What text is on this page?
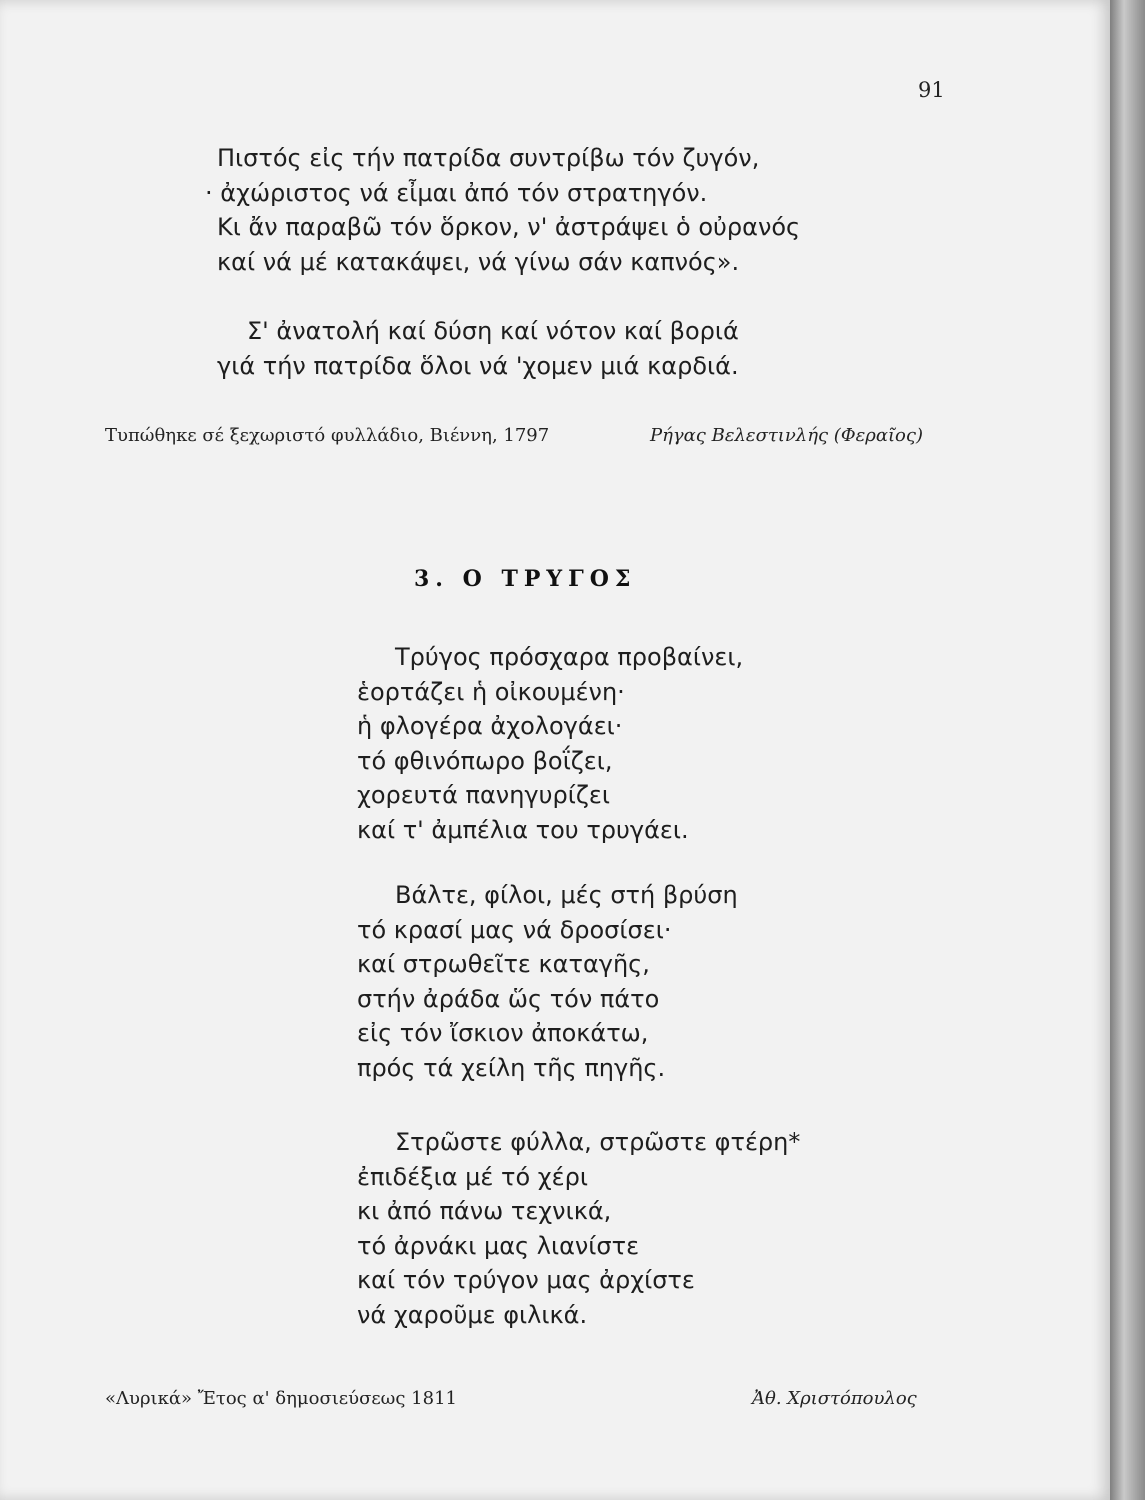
91
Πιστός εἰς τήν πατρίδα συντρίβω τόν ζυγόν,
· ἀχώριστος νά εἶμαι ἀπό τόν στρατηγόν.
Κι ἄν παραβῶ τόν ὅρκον, ν' ἀστράψει ὁ οὐρανός
καί νά μέ κατακάψει, νά γίνω σάν καπνός».
Σ' ἀνατολή καί δύση καί νότον καί βοριά
γιά τήν πατρίδα ὅλοι νά 'χομεν μιά καρδιά.
Τυπώθηκε σέ ξεχωριστό φυλλάδιο, Βιέννη, 1797	Ρήγας Βελεστινλής (Φεραῖος)
3. Ο ΤΡΥΓΟΣ
Τρύγος πρόσχαρα προβαίνει,
ἑορτάζει ἡ οἰκουμένη·
ἡ φλογέρα ἀχολογάει·
τό φθινόπωρο βοΐζει,
χορευτά πανηγυρίζει
καί τ' ἀμπέλια του τρυγάει.
Βάλτε, φίλοι, μές στή βρύση
τό κρασί μας νά δροσίσει·
καί στρωθεῖτε καταγῆς,
στήν ἀράδα ὥς τόν πάτο
εἰς τόν ἴσκιον ἀποκάτω,
πρός τά χείλη τῆς πηγῆς.
Στρῶστε φύλλα, στρῶστε φτέρη*
ἐπιδέξια μέ τό χέρι
κι ἀπό πάνω τεχνικά,
τό ἀρνάκι μας λιανίστε
καί τόν τρύγον μας ἀρχίστε
νά χαροῦμε φιλικά.
«Λυρικά» Ἔτος α' δημοσιεύσεως 1811	Ἀθ. Χριστόπουλος
